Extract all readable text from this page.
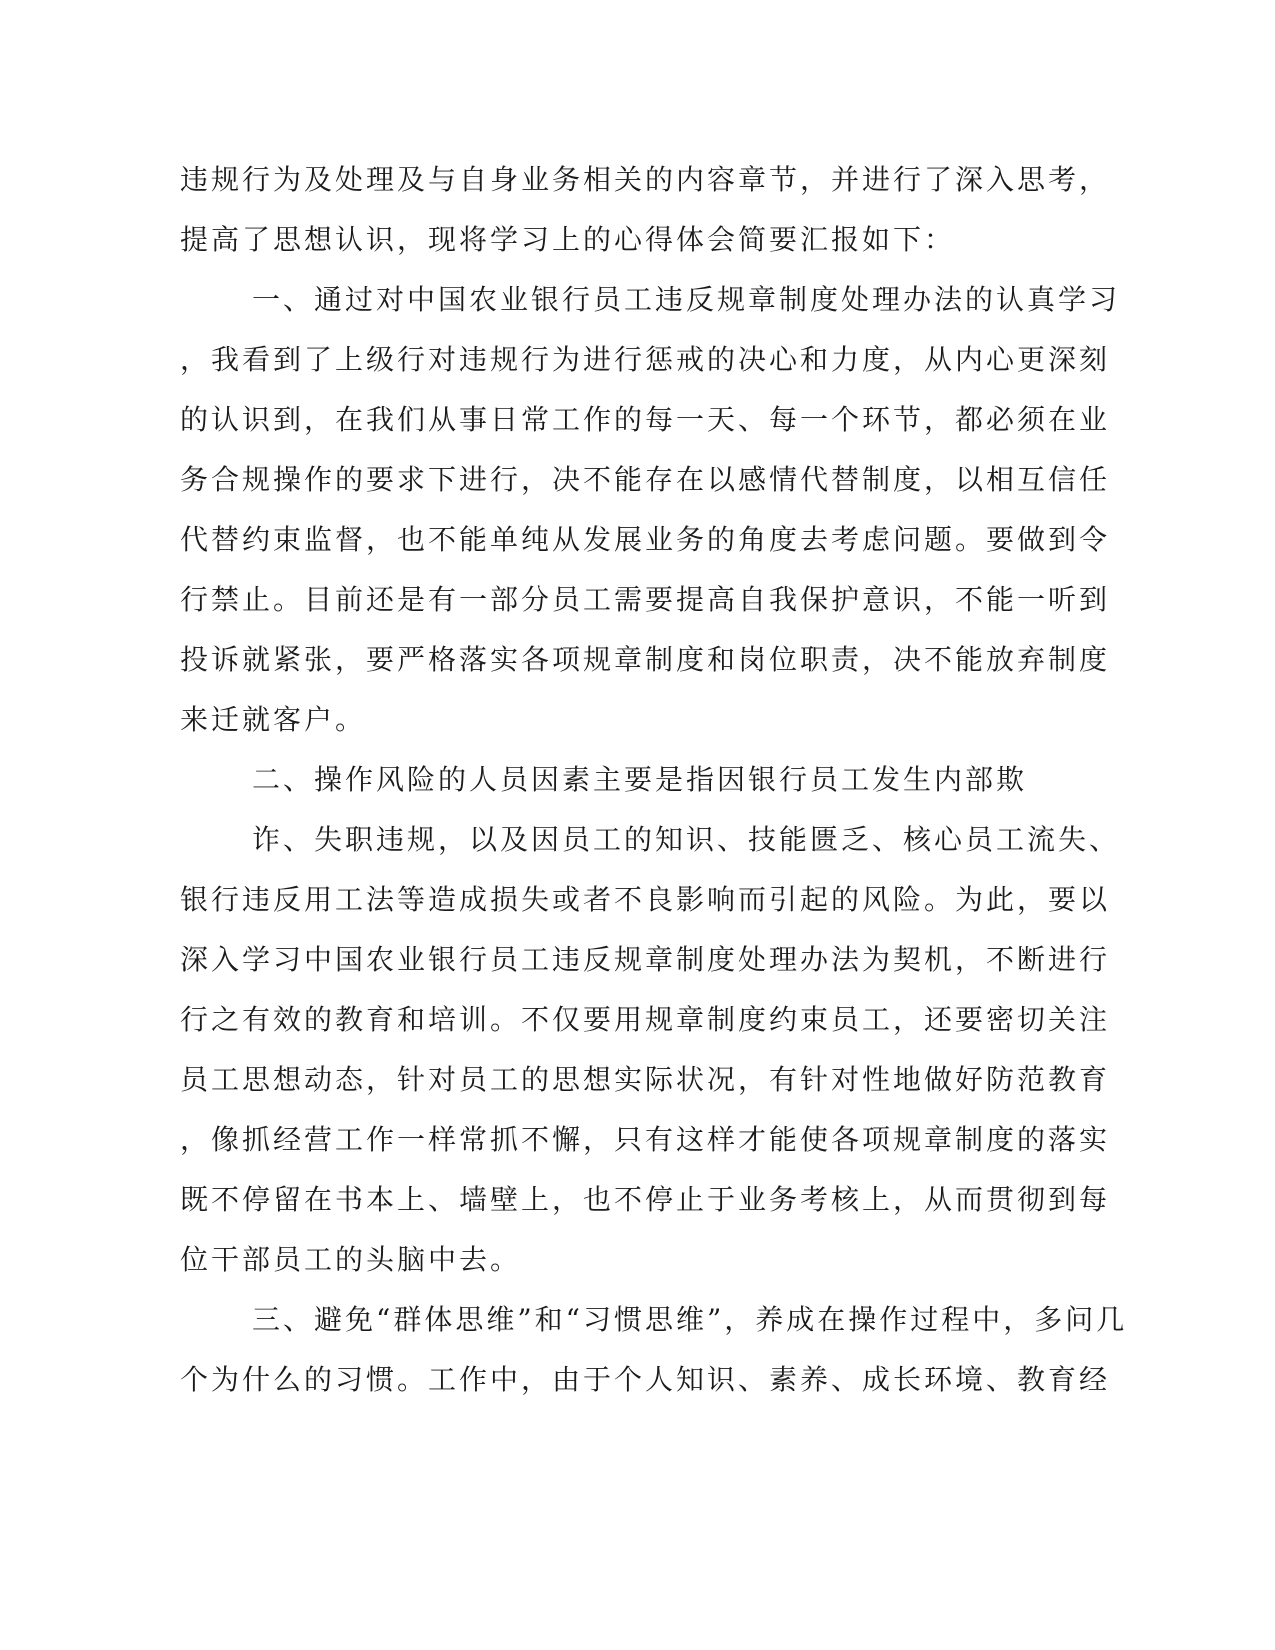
违规行为及处理及与自身业务相关的内容章节，并进行了深入思考，
提高了思想认识，现将学习上的心得体会简要汇报如下：
一、通过对中国农业银行员工违反规章制度处理办法的认真学习
，我看到了上级行对违规行为进行惩戒的决心和力度，从内心更深刻
的认识到，在我们从事日常工作的每一天、每一个环节，都必须在业
务合规操作的要求下进行，决不能存在以感情代替制度，以相互信任
代替约束监督，也不能单纯从发展业务的角度去考虑问题。要做到令
行禁止。目前还是有一部分员工需要提高自我保护意识，不能一听到
投诉就紧张，要严格落实各项规章制度和岗位职责，决不能放弃制度
来迁就客户。
二、操作风险的人员因素主要是指因银行员工发生内部欺
诈、失职违规，以及因员工的知识、技能匮乏、核心员工流失、
银行违反用工法等造成损失或者不良影响而引起的风险。为此，要以
深入学习中国农业银行员工违反规章制度处理办法为契机，不断进行
行之有效的教育和培训。不仅要用规章制度约束员工，还要密切关注
员工思想动态，针对员工的思想实际状况，有针对性地做好防范教育
，像抓经营工作一样常抓不懈，只有这样才能使各项规章制度的落实
既不停留在书本上、墙壁上，也不停止于业务考核上，从而贯彻到每
位干部员工的头脑中去。
三、避免“群体思维”和“习惯思维”，养成在操作过程中，多问几
个为什么的习惯。工作中，由于个人知识、素养、成长环境、教育经
